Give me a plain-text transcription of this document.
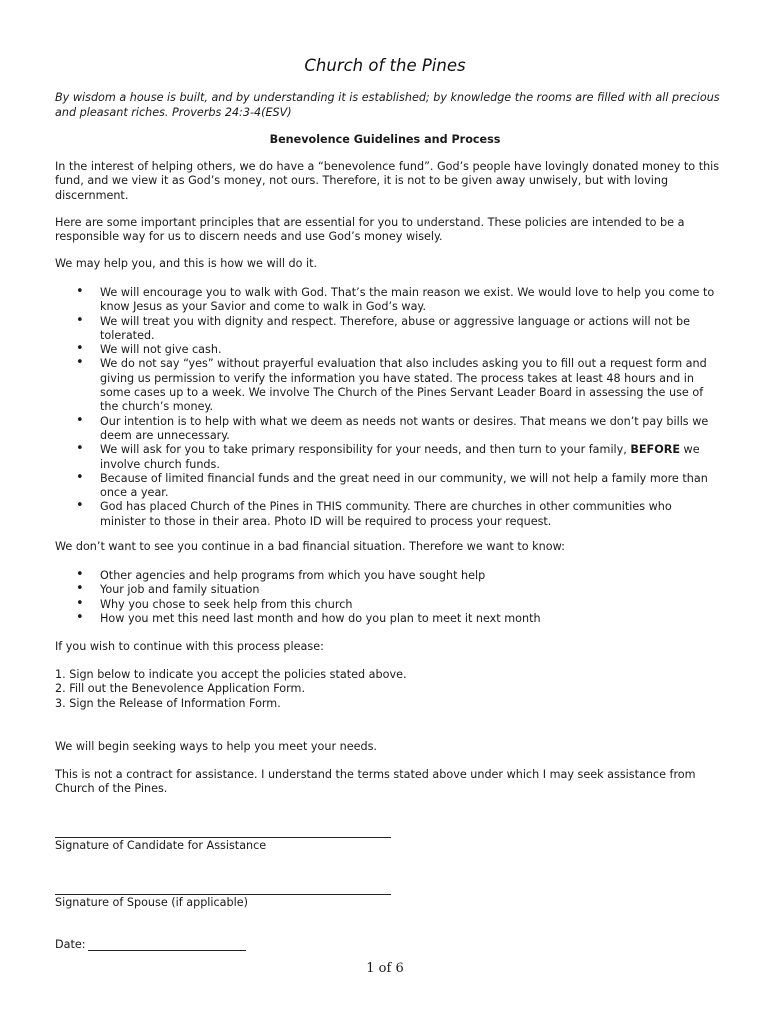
Church of the Pines
By wisdom a house is built, and by understanding it is established; by knowledge the rooms are filled with all precious and pleasant riches. Proverbs 24:3-4(ESV)
Benevolence Guidelines and Process

In the interest of helping others, we do have a “benevolence fund”. God’s people have lovingly donated money to this fund, and we view it as God’s money, not ours. Therefore, it is not to be given away unwisely, but with loving discernment.

Here are some important principles that are essential for you to understand. These policies are intended to be a responsible way for us to discern needs and use God’s money wisely.

We may help you, and this is how we will do it.

• We will encourage you to walk with God. That’s the main reason we exist. We would love to help you come to know Jesus as your Savior and come to walk in God’s way.
• We will treat you with dignity and respect. Therefore, abuse or aggressive language or actions will not be tolerated.
• We will not give cash.
• We do not say “yes” without prayerful evaluation that also includes asking you to fill out a request form and giving us permission to verify the information you have stated. The process takes at least 48 hours and in some cases up to a week. We involve The Church of the Pines Servant Leader Board in assessing the use of the church’s money.
• Our intention is to help with what we deem as needs not wants or desires. That means we don’t pay bills we deem are unnecessary.
• We will ask for you to take primary responsibility for your needs, and then turn to your family, BEFORE we involve church funds.
• Because of limited financial funds and the great need in our community, we will not help a family more than once a year.
• God has placed Church of the Pines in THIS community. There are churches in other communities who minister to those in their area. Photo ID will be required to process your request.

We don’t want to see you continue in a bad financial situation. Therefore we want to know:

• Other agencies and help programs from which you have sought help
• Your job and family situation
• Why you chose to seek help from this church
• How you met this need last month and how do you plan to meet it next month

If you wish to continue with this process please:

1. Sign below to indicate you accept the policies stated above.
2. Fill out the Benevolence Application Form.
3. Sign the Release of Information Form.

We will begin seeking ways to help you meet your needs.

This is not a contract for assistance. I understand the terms stated above under which I may seek assistance from Church of the Pines.

Signature of Candidate for Assistance
Signature of Spouse (if applicable)
Date:
1 of 6
